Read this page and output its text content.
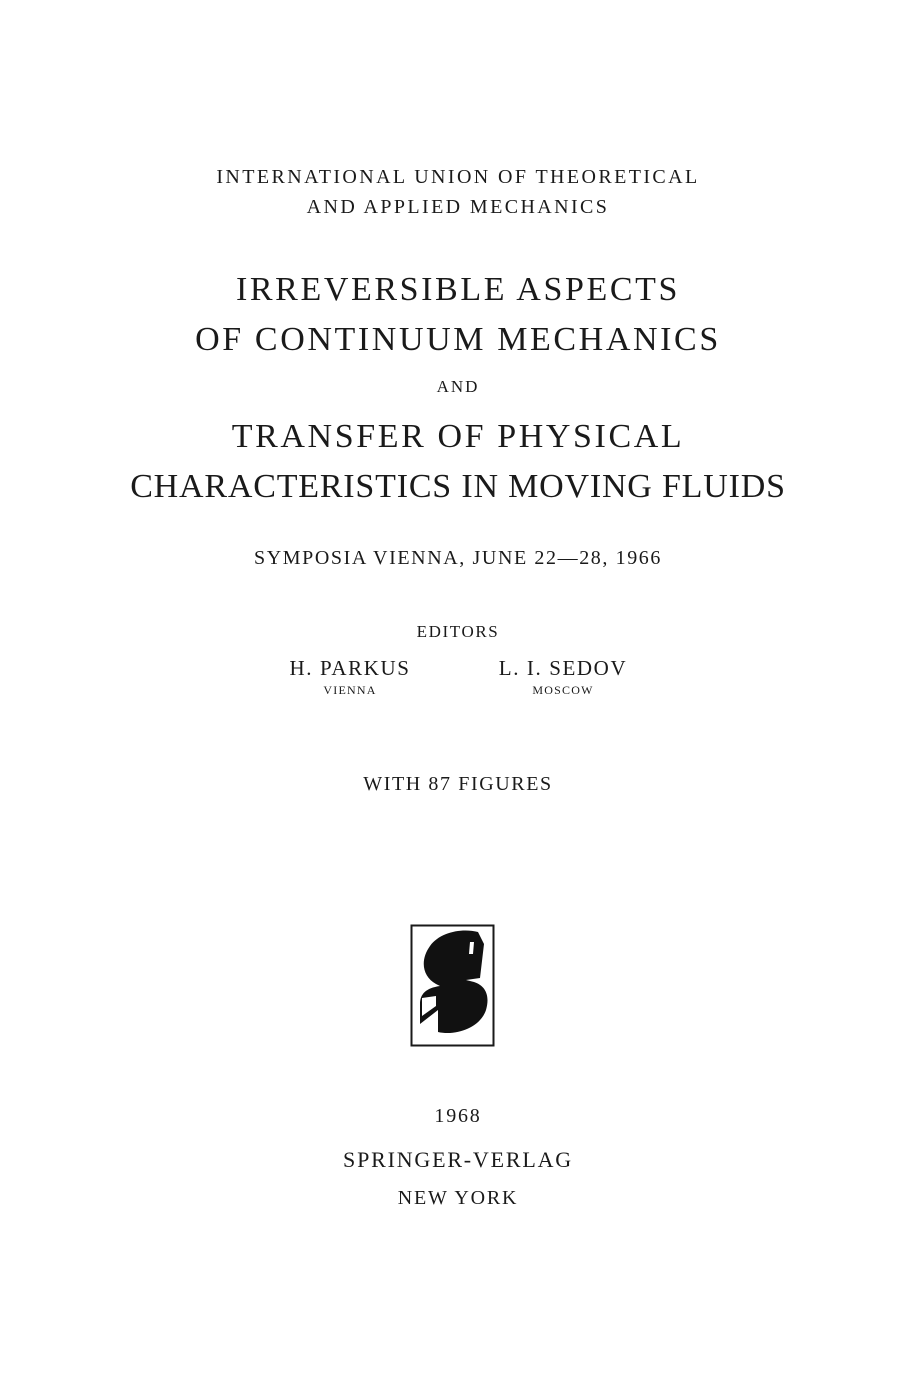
INTERNATIONAL UNION OF THEORETICAL
AND APPLIED MECHANICS
IRREVERSIBLE ASPECTS
OF CONTINUUM MECHANICS
AND
TRANSFER OF PHYSICAL
CHARACTERISTICS IN MOVING FLUIDS
SYMPOSIA VIENNA, JUNE 22—28, 1966
EDITORS
H. PARKUS
VIENNA
L. I. SEDOV
MOSCOW
WITH 87 FIGURES
1968
SPRINGER-VERLAG
NEW YORK
